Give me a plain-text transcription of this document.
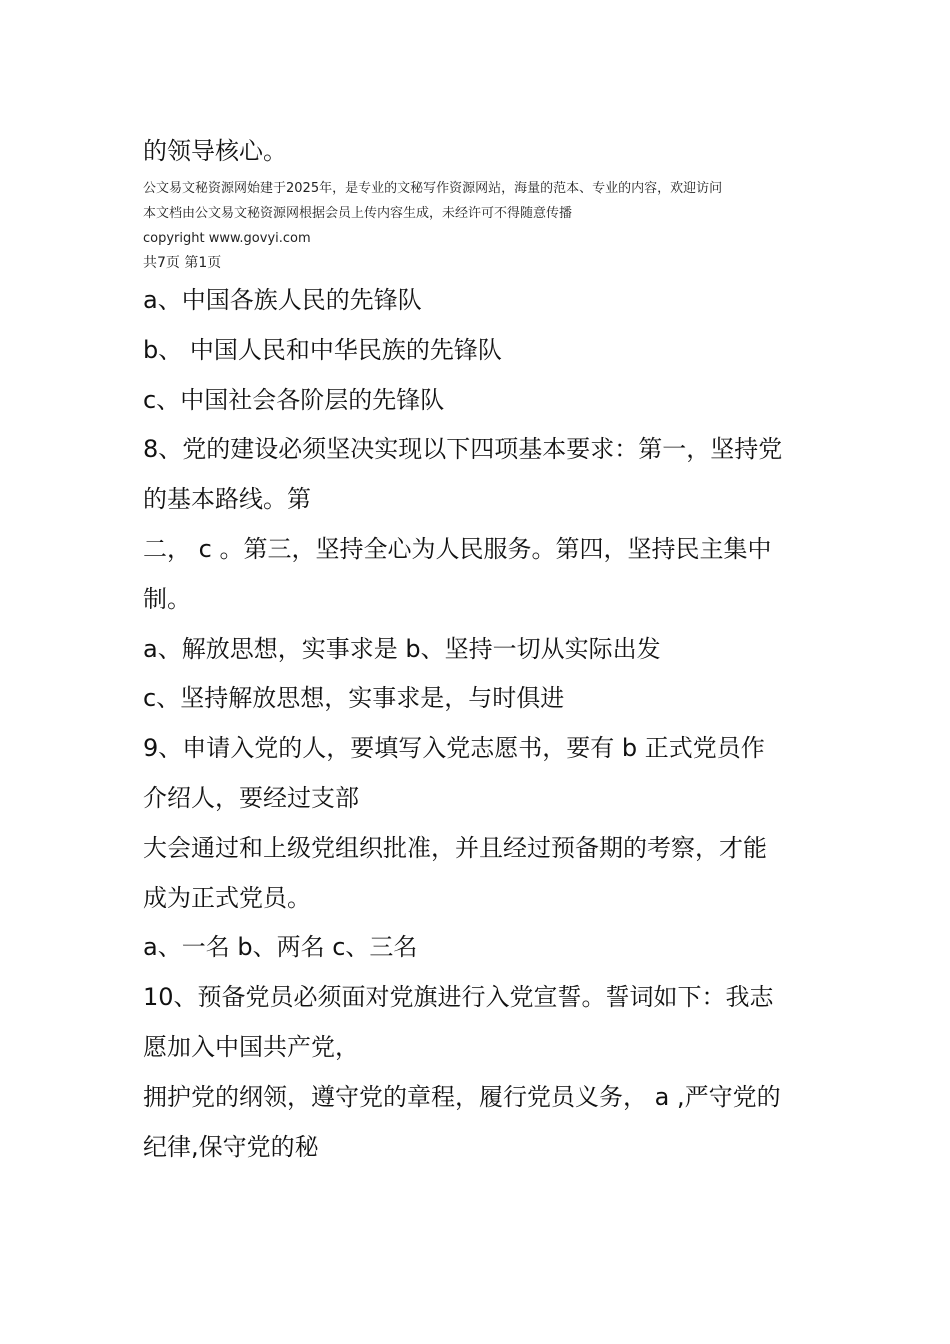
的领导核心。
公文易文秘资源网始建于2025年，是专业的文秘写作资源网站，海量的范本、专业的内容，欢迎访问
本文档由公文易文秘资源网根据会员上传内容生成，未经许可不得随意传播
copyright www.govyi.com
共7页 第1页
a、中国各族人民的先锋队
b、 中国人民和中华民族的先锋队
c、中国社会各阶层的先锋队
8、党的建设必须坚决实现以下四项基本要求：第一，坚持党
的基本路线。第
二， c 。第三，坚持全心为人民服务。第四，坚持民主集中
制。
a、解放思想，实事求是 b、坚持一切从实际出发
c、坚持解放思想，实事求是，与时俱进
9、申请入党的人，要填写入党志愿书，要有 b 正式党员作
介绍人，要经过支部
大会通过和上级党组织批准，并且经过预备期的考察，才能
成为正式党员。
a、一名 b、两名 c、三名
10、预备党员必须面对党旗进行入党宣誓。誓词如下：我志
愿加入中国共产党，
拥护党的纲领，遵守党的章程，履行党员义务， a ,严守党的
纪律,保守党的秘
